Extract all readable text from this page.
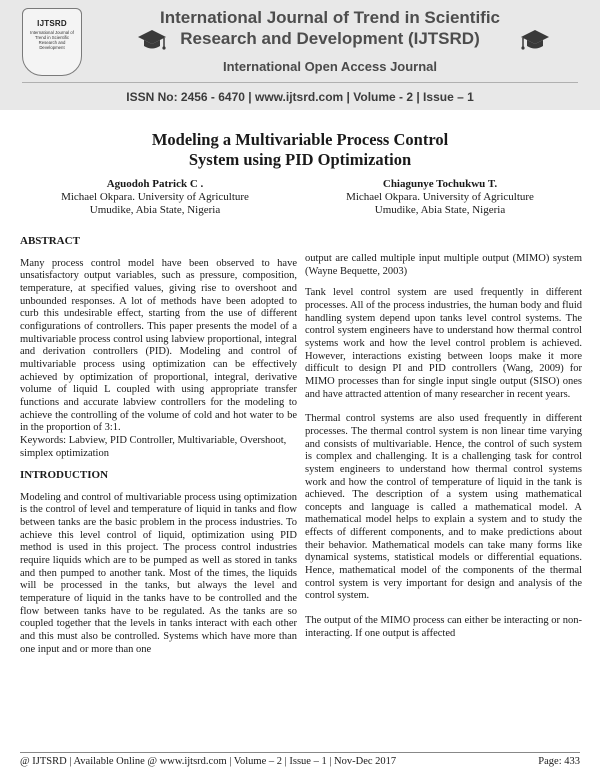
IJTSRD
International Journal of Trend in Scientific Research and Development
International Journal of Trend in Scientific
Research and Development (IJTSRD)
International Open Access Journal
ISSN No: 2456 - 6470 | www.ijtsrd.com | Volume - 2 | Issue – 1
Modeling a Multivariable Process Control
System using PID Optimization
Aguodoh Patrick C .
Michael Okpara. University of Agriculture
Umudike, Abia State, Nigeria
Chiagunye Tochukwu T.
Michael Okpara. University of Agriculture
Umudike, Abia State, Nigeria
ABSTRACT

Many process control model have been observed to have unsatisfactory output variables, such as pressure, composition, temperature, at specified values, giving rise to overshoot and unbounded responses. A lot of methods have been adopted to curb this undesirable effect, starting from the use of different configurations of controllers. This paper presents the model of a multivariable process control using labview proportional, integral and derivation controllers (PID). Modeling and control of multivariable process using optimization can be effectively achieved by optimization of proportional, integral, derivative volume of liquid L coupled with using appropriate transfer functions and accurate labview controllers for the modeling to achieve the controlling of the volume of cold and hot water to be in the proportion of 3:1.

Keywords: Labview, PID Controller, Multivariable, Overshoot, simplex optimization

INTRODUCTION

Modeling and control of multivariable process using optimization is the control of level and temperature of liquid in tanks and flow between tanks are the basic problem in the process industries. To achieve this level control of liquid, optimization using PID method is used in this project. The process control industries require liquids which are to be pumped as well as stored in tanks and then pumped to another tank. Most of the times, the liquids will be processed in the tanks, but always the level and temperature of liquid in the tanks have to be controlled and the flow between tanks have to be regulated. As the tanks are so coupled together that the levels in tanks interact with each other and this must also be controlled. Systems which have more than one input and or more than one

output are called multiple input multiple output (MIMO) system (Wayne Bequette, 2003)

Tank level control system are used frequently in different processes. All of the process industries, the human body and fluid handling system depend upon tanks level control systems. The control system engineers have to understand how thermal control systems work and how the level control problem is achieved. However, interactions existing between loops make it more difficult to design PI and PID controllers (Wang, 2009) for MIMO processes than for single input single output (SISO) ones and have attracted attention of many researcher in recent years.

Thermal control systems are also used frequently in different processes. The thermal control system is non linear time varying and consists of multivariable. Hence, the control of such system is complex and challenging. It is a challenging task for control system engineers to understand how thermal control systems work and how the control of temperature of liquid in the tank is achieved. The description of a system using mathematical concepts and language is called a mathematical model. A mathematical model helps to explain a system and to study the effects of different components, and to make predictions about their behavior. Mathematical models can take many forms like dynamical systems, statistical models or differential equations. Hence, mathematical model of the components of the thermal control system is very important for design and analysis of the control system.

The output of the MIMO process can either be interacting or non-interacting. If one output is affected

@ IJTSRD | Available Online @ www.ijtsrd.com | Volume – 2 | Issue – 1 | Nov-Dec 2017	Page: 433
